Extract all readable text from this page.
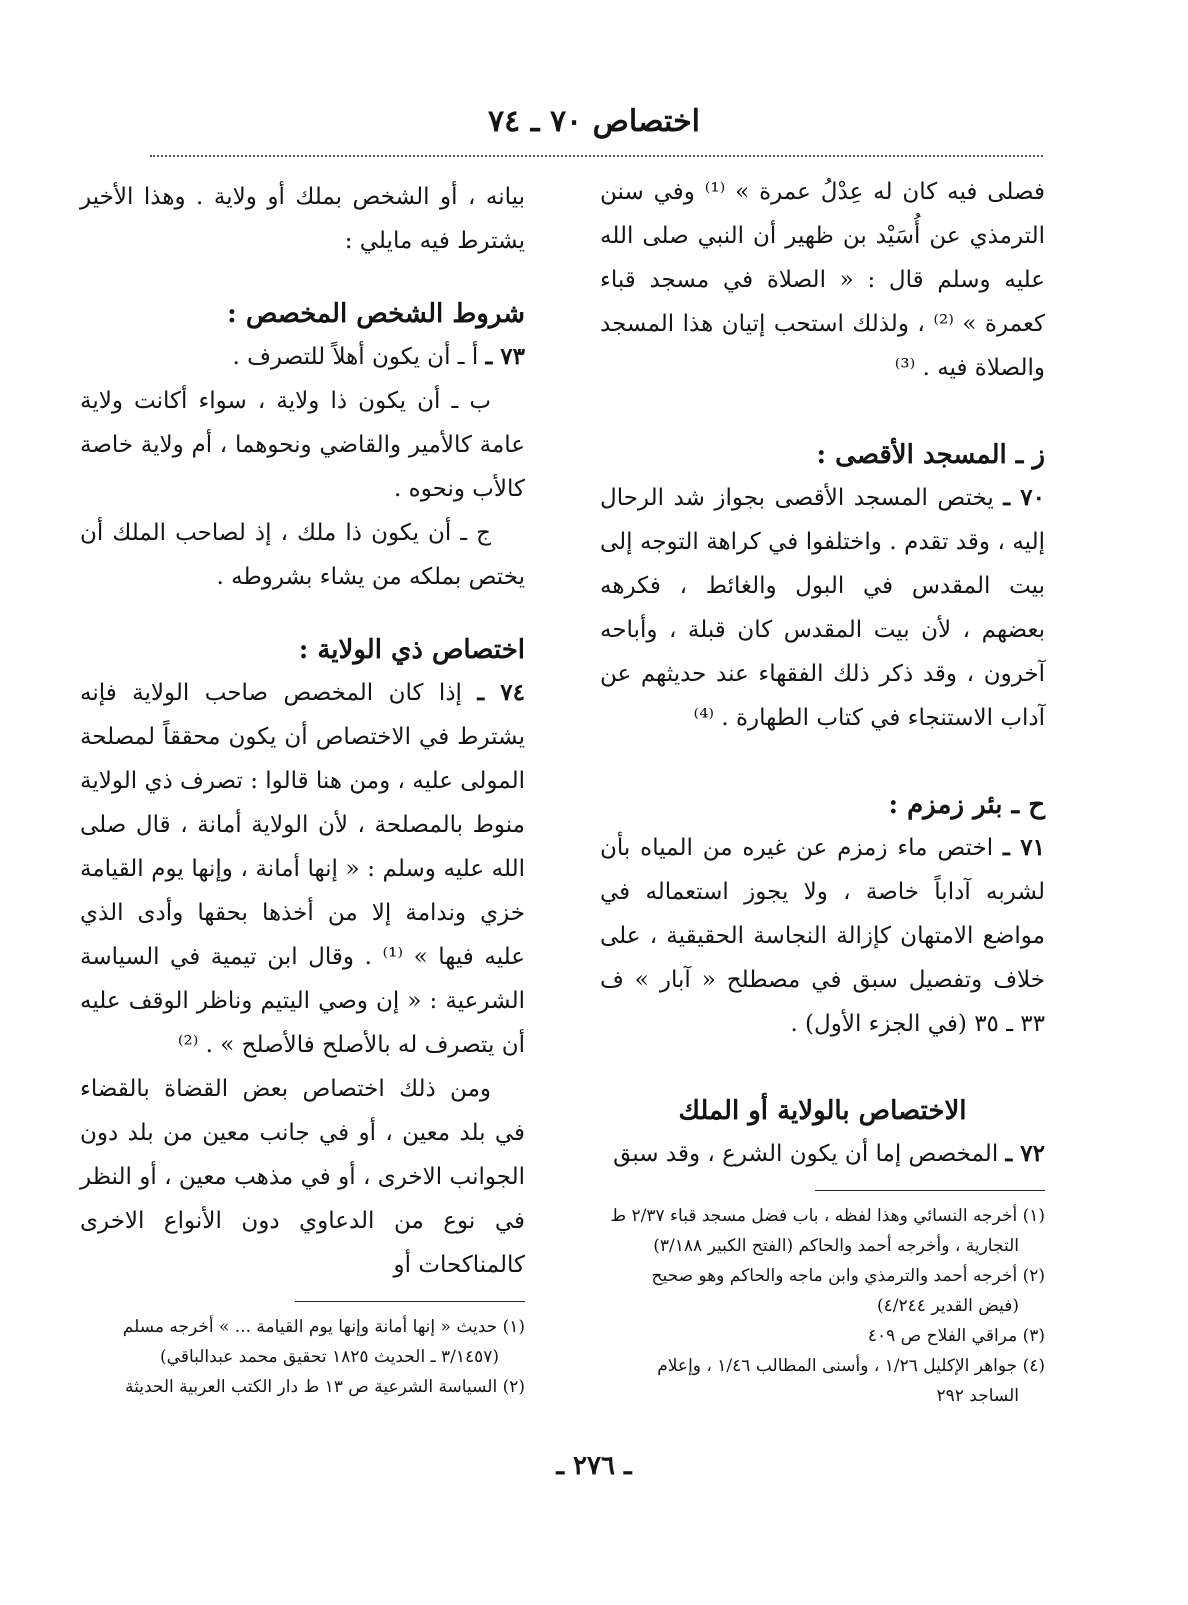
اختصاص ٧٠ ـ ٧٤

فصلى فيه كان له عِدْلُ عمرة » ⁽¹⁾ وفي سنن الترمذي عن أُسَيْد بن ظهير أن النبي صلى الله عليه وسلم قال : « الصلاة في مسجد قباء كعمرة » ⁽²⁾ ، ولذلك استحب إتيان هذا المسجد والصلاة فيه . ⁽³⁾

ز ـ المسجد الأقصى :

٧٠ ـ يختص المسجد الأقصى بجواز شد الرحال إليه ، وقد تقدم . واختلفوا في كراهة التوجه إلى بيت المقدس في البول والغائط ، فكرهه بعضهم ، لأن بيت المقدس كان قبلة ، وأباحه آخرون ، وقد ذكر ذلك الفقهاء عند حديثهم عن آداب الاستنجاء في كتاب الطهارة . ⁽⁴⁾

ح ـ بئر زمزم :

٧١ ـ اختص ماء زمزم عن غيره من المياه بأن لشربه آداباً خاصة ، ولا يجوز استعماله في مواضع الامتهان كإزالة النجاسة الحقيقية ، على خلاف وتفصيل سبق في مصطلح « آبار » ف ٣٣ ـ ٣٥ (في الجزء الأول) .

الاختصاص بالولاية أو الملك

٧٢ ـ المخصص إما أن يكون الشرع ، وقد سبق

(١) أخرجه النسائي وهذا لفظه ، باب فضل مسجد قباء ٢/٣٧ ط

التجارية ، وأخرجه أحمد والحاكم (الفتح الكبير ٣/١٨٨)

(٢) أخرجه أحمد والترمذي وابن ماجه والحاكم وهو صحيح

(فيض القدير ٤/٢٤٤)

(٣) مراقي الفلاح ص ٤٠٩

(٤) جواهر الإكليل ١/٢٦ ، وأسنى المطالب ١/٤٦ ، وإعلام

الساجد ٢٩٢

بيانه ، أو الشخص بملك أو ولاية . وهذا الأخير يشترط فيه مايلي :

شروط الشخص المخصص :

٧٣ ـ أ ـ أن يكون أهلاً للتصرف .

ب ـ أن يكون ذا ولاية ، سواء أكانت ولاية عامة كالأمير والقاضي ونحوهما ، أم ولاية خاصة كالأب ونحوه .

ج ـ أن يكون ذا ملك ، إذ لصاحب الملك أن يختص بملكه من يشاء بشروطه .

اختصاص ذي الولاية :

٧٤ ـ إذا كان المخصص صاحب الولاية فإنه يشترط في الاختصاص أن يكون محققاً لمصلحة المولى عليه ، ومن هنا قالوا : تصرف ذي الولاية منوط بالمصلحة ، لأن الولاية أمانة ، قال صلى الله عليه وسلم : « إنها أمانة ، وإنها يوم القيامة خزي وندامة إلا من أخذها بحقها وأدى الذي عليه فيها » ⁽¹⁾ . وقال ابن تيمية في السياسة الشرعية : « إن وصي اليتيم وناظر الوقف عليه أن يتصرف له بالأصلح فالأصلح » . ⁽²⁾

ومن ذلك اختصاص بعض القضاة بالقضاء في بلد معين ، أو في جانب معين من بلد دون الجوانب الاخرى ، أو في مذهب معين ، أو النظر في نوع من الدعاوي دون الأنواع الاخرى كالمناكحات أو

(١) حديث « إنها أمانة وإنها يوم القيامة ... » أخرجه مسلم

(٣/١٤٥٧ ـ الحديث ١٨٢٥ تحقيق محمد عبدالباقي)

(٢) السياسة الشرعية ص ١٣ ط دار الكتب العربية الحديثة

ـ ٢٧٦ ـ
